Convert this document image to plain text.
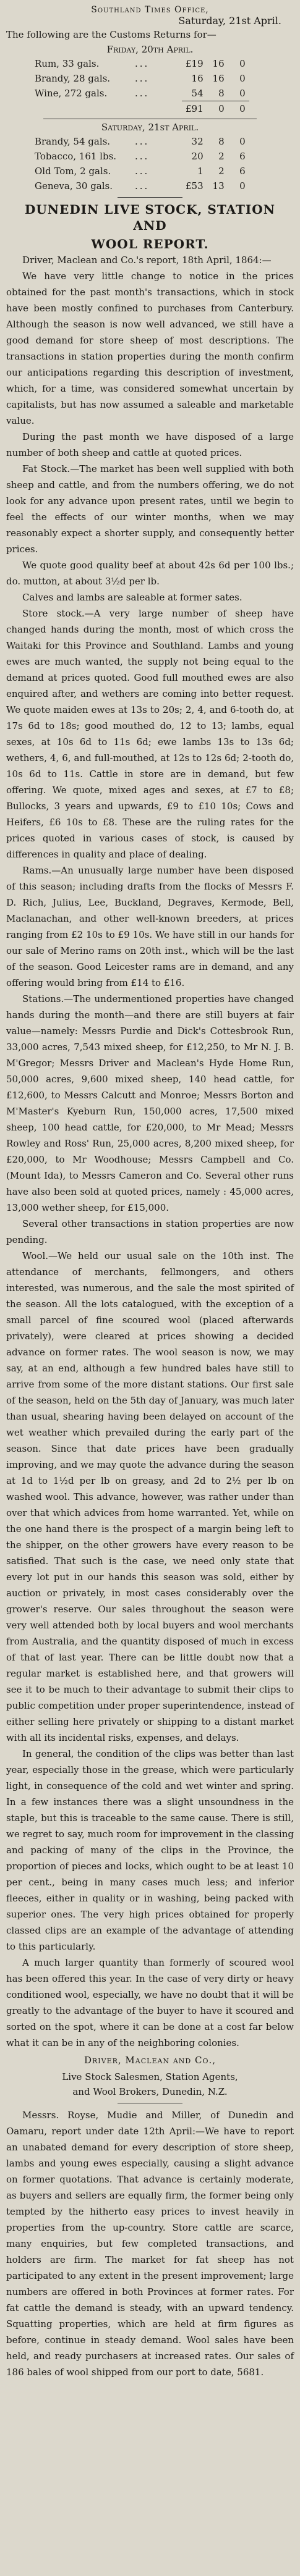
Southland Times Office,
Saturday, 21st April.

The following are the Customs Returns for—

Friday, 20th April.
Rum, 33 gals.	...	£19	16	0
Brandy, 28 gals.	...	16	16	0
Wine, 272 gals.	...	54	8	0
		£91	0	0
Saturday, 21st April.
Brandy, 54 gals.	...	32	8	0
Tobacco, 161 lbs.	...	20	2	6
Old Tom, 2 gals.	...	1	2	6
Geneva, 30 gals.	...	£53	13	0
DUNEDIN LIVE STOCK, STATION AND
WOOL REPORT.

Driver, Maclean and Co.'s report, 18th April, 1864:—

We have very little change to notice in the prices obtained for the past month's transactions, which in stock have been mostly confined to purchases from Canterbury. Although the season is now well advanced, we still have a good demand for store sheep of most descriptions. The transactions in station properties during the month confirm our anticipations regarding this description of investment, which, for a time, was considered somewhat uncertain by capitalists, but has now assumed a saleable and marketable value.

During the past month we have disposed of a large number of both sheep and cattle at quoted prices.

Fat Stock.—The market has been well supplied with both sheep and cattle, and from the numbers offering, we do not look for any advance upon present rates, until we begin to feel the effects of our winter months, when we may reasonably expect a shorter supply, and consequently better prices.

We quote good quality beef at about 42s 6d per 100 lbs.; do. mutton, at about 3½d per lb.

Calves and lambs are saleable at former sates.

Store stock.—A very large number of sheep have changed hands during the month, most of which cross the Waitaki for this Province and Southland. Lambs and young ewes are much wanted, the supply not being equal to the demand at prices quoted. Good full mouthed ewes are also enquired after, and wethers are coming into better request. We quote maiden ewes at 13s to 20s; 2, 4, and 6-tooth do, at 17s 6d to 18s; good mouthed do, 12 to 13; lambs, equal sexes, at 10s 6d to 11s 6d; ewe lambs 13s to 13s 6d; wethers, 4, 6, and full-mouthed, at 12s to 12s 6d; 2-tooth do, 10s 6d to 11s. Cattle in store are in demand, but few offering. We quote, mixed ages and sexes, at £7 to £8; Bullocks, 3 years and upwards, £9 to £10 10s; Cows and Heifers, £6 10s to £8. These are the ruling rates for the prices quoted in various cases of stock, is caused by differences in quality and place of dealing.

Rams.—An unusually large number have been disposed of this season; including drafts from the flocks of Messrs F. D. Rich, Julius, Lee, Buckland, Degraves, Kermode, Bell, Maclanachan, and other well-known breeders, at prices ranging from £2 10s to £9 10s. We have still in our hands for our sale of Merino rams on 20th inst., which will be the last of the season. Good Leicester rams are in demand, and any offering would bring from £14 to £16.

Stations.—The undermentioned properties have changed hands during the month—and there are still buyers at fair value—namely: Messrs Purdie and Dick's Cottesbrook Run, 33,000 acres, 7,543 mixed sheep, for £12,250, to Mr N. J. B. M'Gregor; Messrs Driver and Maclean's Hyde Home Run, 50,000 acres, 9,600 mixed sheep, 140 head cattle, for £12,600, to Messrs Calcutt and Monroe; Messrs Borton and M'Master's Kyeburn Run, 150,000 acres, 17,500 mixed sheep, 100 head cattle, for £20,000, to Mr Mead; Messrs Rowley and Ross' Run, 25,000 acres, 8,200 mixed sheep, for £20,000, to Mr Woodhouse; Messrs Campbell and Co. (Mount Ida), to Messrs Cameron and Co. Several other runs have also been sold at quoted prices, namely : 45,000 acres, 13,000 wether sheep, for £15,000.

Several other transactions in station properties are now pending.

Wool.—We held our usual sale on the 10th inst. The attendance of merchants, fellmongers, and others interested, was numerous, and the sale the most spirited of the season. All the lots catalogued, with the exception of a small parcel of fine scoured wool (placed afterwards privately), were cleared at prices showing a decided advance on former rates. The wool season is now, we may say, at an end, although a few hundred bales have still to arrive from some of the more distant stations. Our first sale of the season, held on the 5th day of January, was much later than usual, shearing having been delayed on account of the wet weather which prevailed during the early part of the season. Since that date prices have been gradually improving, and we may quote the advance during the season at 1d to 1½d per lb on greasy, and 2d to 2½ per lb on washed wool. This advance, however, was rather under than over that which advices from home warranted. Yet, while on the one hand there is the prospect of a margin being left to the shipper, on the other growers have every reason to be satisfied. That such is the case, we need only state that every lot put in our hands this season was sold, either by auction or privately, in most cases considerably over the grower's reserve. Our sales throughout the season were very well attended both by local buyers and wool merchants from Australia, and the quantity disposed of much in excess of that of last year. There can be little doubt now that a regular market is established here, and that growers will see it to be much to their advantage to submit their clips to public competition under proper superintendence, instead of either selling here privately or shipping to a distant market with all its incidental risks, expenses, and delays.

In general, the condition of the clips was better than last year, especially those in the grease, which were particularly light, in consequence of the cold and wet winter and spring. In a few instances there was a slight unsoundness in the staple, but this is traceable to the same cause. There is still, we regret to say, much room for improvement in the classing and packing of many of the clips in the Province, the proportion of pieces and locks, which ought to be at least 10 per cent., being in many cases much less; and inferior fleeces, either in quality or in washing, being packed with superior ones. The very high prices obtained for properly classed clips are an example of the advantage of attending to this particularly.

A much larger quantity than formerly of scoured wool has been offered this year. In the case of very dirty or heavy conditioned wool, especially, we have no doubt that it will be greatly to the advantage of the buyer to have it scoured and sorted on the spot, where it can be done at a cost far below what it can be in any of the neighboring colonies.

Driver, Maclean and Co.,
Live Stock Salesmen, Station Agents,
and Wool Brokers, Dunedin, N.Z.

Messrs. Royse, Mudie and Miller, of Dunedin and Oamaru, report under date 12th April:—We have to report an unabated demand for every description of store sheep, lambs and young ewes especially, causing a slight advance on former quotations. That advance is certainly moderate, as buyers and sellers are equally firm, the former being only tempted by the hitherto easy prices to invest heavily in properties from the up-country. Store cattle are scarce, many enquiries, but few completed transactions, and holders are firm. The market for fat sheep has not participated to any extent in the present improvement; large numbers are offered in both Provinces at former rates. For fat cattle the demand is steady, with an upward tendency. Squatting properties, which are held at firm figures as before, continue in steady demand. Wool sales have been held, and ready purchasers at increased rates. Our sales of 186 bales of wool shipped from our port to date, 5681.
